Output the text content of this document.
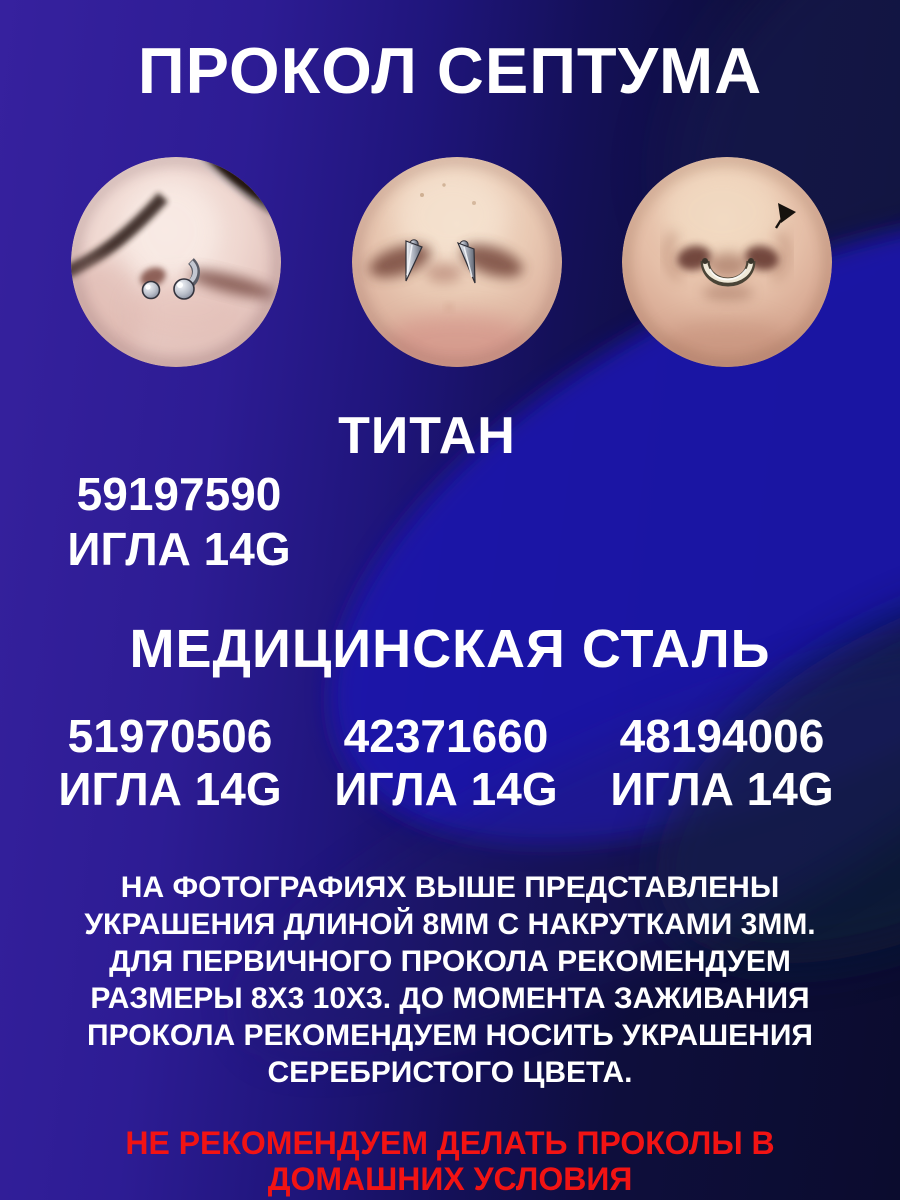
ПРОКОЛ СЕПТУМА
ТИТАН
59197590
ИГЛА 14G
МЕДИЦИНСКАЯ СТАЛЬ
51970506
ИГЛА 14G
42371660
ИГЛА 14G
48194006
ИГЛА 14G
НА ФОТОГРАФИЯХ ВЫШЕ ПРЕДСТАВЛЕНЫ
УКРАШЕНИЯ ДЛИНОЙ 8ММ С НАКРУТКАМИ 3ММ.
ДЛЯ ПЕРВИЧНОГО ПРОКОЛА РЕКОМЕНДУЕМ
РАЗМЕРЫ 8Х3 10Х3. ДО МОМЕНТА ЗАЖИВАНИЯ
ПРОКОЛА РЕКОМЕНДУЕМ НОСИТЬ УКРАШЕНИЯ
СЕРЕБРИСТОГО ЦВЕТА.
НЕ РЕКОМЕНДУЕМ ДЕЛАТЬ ПРОКОЛЫ В
ДОМАШНИХ УСЛОВИЯ
